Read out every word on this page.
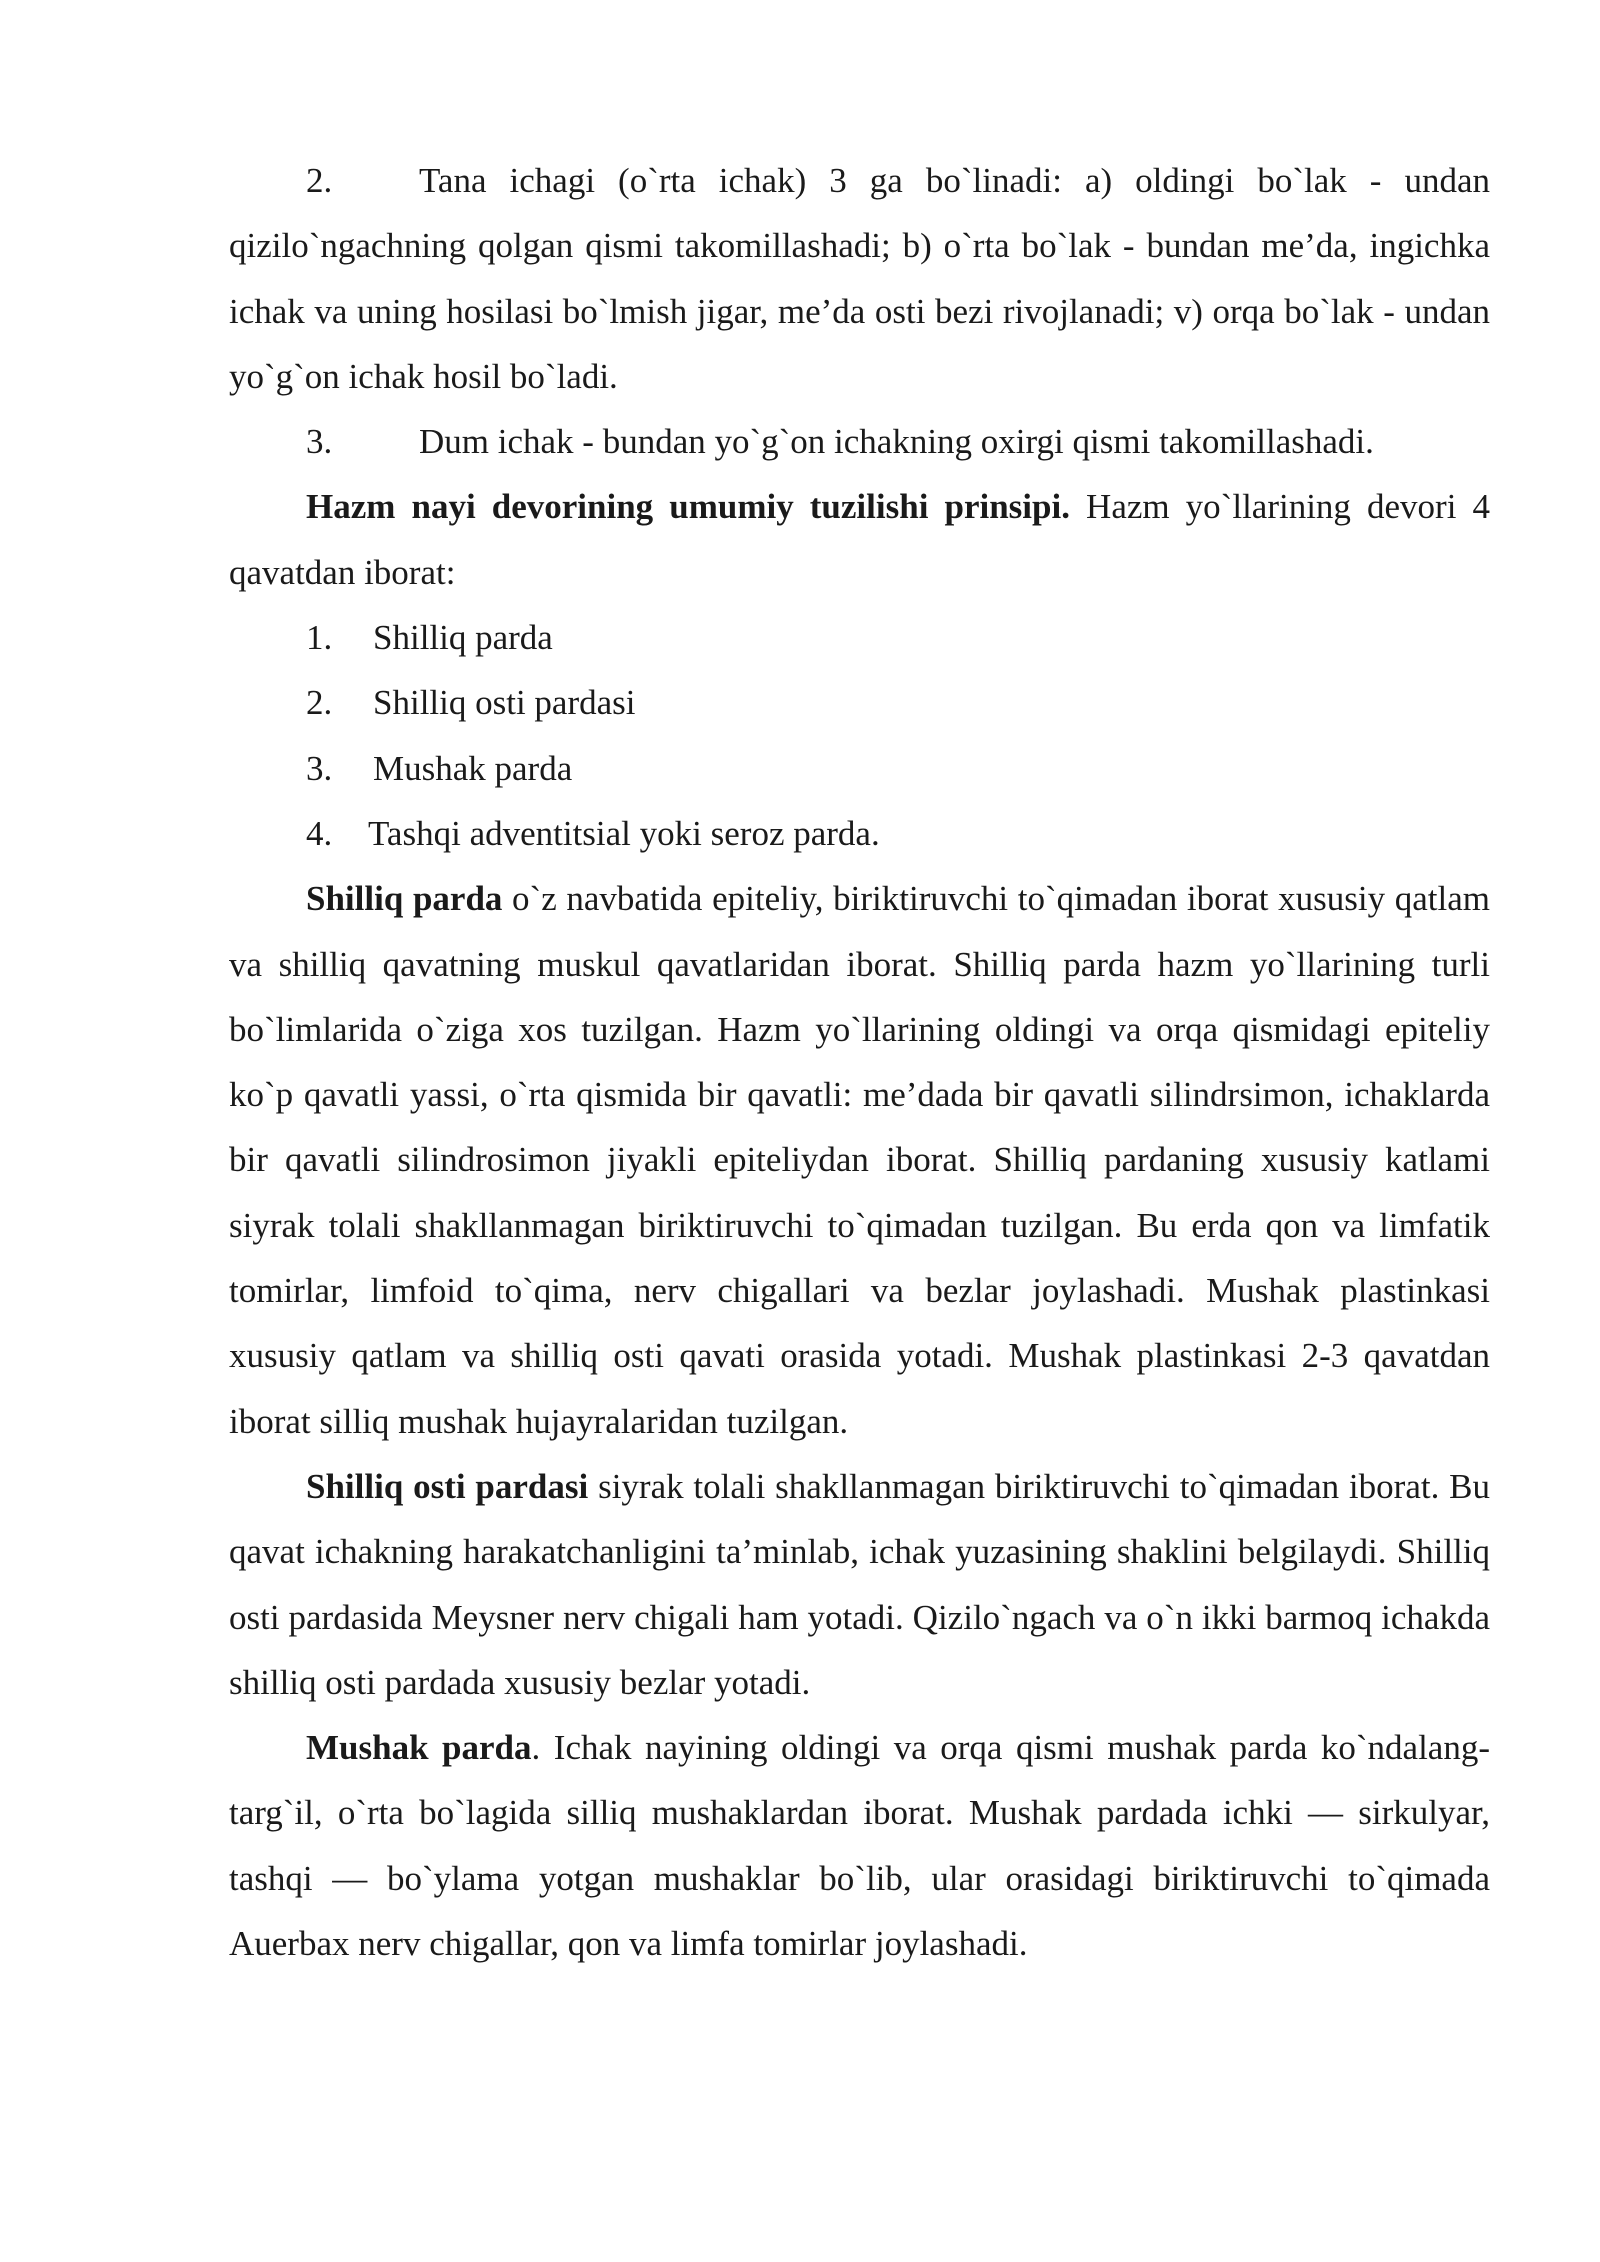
2. Tana ichagi (o`rta ichak) 3 ga bo`linadi: a) oldingi bo`lak - undan qizilo`ngachning qolgan qismi takomillashadi; b) o`rta bo`lak - bundan me’da, ingichka ichak va uning hosilasi bo`lmish jigar, me’da osti bezi rivojlanadi; v) orqa bo`lak - undan yo`g`on ichak hosil bo`ladi.

3. Dum ichak - bundan yo`g`on ichakning oxirgi qismi takomillashadi.

Hazm nayi devorining umumiy tuzilishi prinsipi. Hazm yo`llarining devori 4 qavatdan iborat:

1. Shilliq parda
2. Shilliq osti pardasi
3. Mushak parda
4. Tashqi adventitsial yoki seroz parda.

Shilliq parda o`z navbatida epiteliy, biriktiruvchi to`qimadan iborat xususiy qatlam va shilliq qavatning muskul qavatlaridan iborat. Shilliq parda hazm yo`llarining turli bo`limlarida o`ziga xos tuzilgan. Hazm yo`llarining oldingi va orqa qismidagi epiteliy ko`p qavatli yassi, o`rta qismida bir qavatli: me’dada bir qavatli silindrsimon, ichaklarda bir qavatli silindrosimon jiyakli epiteliydan iborat. Shilliq pardaning xususiy katlami siyrak tolali shakllanmagan biriktiruvchi to`qimadan tuzilgan. Bu erda qon va limfatik tomirlar, limfoid to`qima, nerv chigallari va bezlar joylashadi. Mushak plastinkasi xususiy qatlam va shilliq osti qavati orasida yotadi. Mushak plastinkasi 2-3 qavatdan iborat silliq mushak hujayralaridan tuzilgan.

Shilliq osti pardasi siyrak tolali shakllanmagan biriktiruvchi to`qimadan iborat. Bu qavat ichakning harakatchanligini ta’minlab, ichak yuzasining shaklini belgilaydi. Shilliq osti pardasida Meysner nerv chigali ham yotadi. Qizilo`ngach va o`n ikki barmoq ichakda shilliq osti pardada xususiy bezlar yotadi.

Mushak parda. Ichak nayining oldingi va orqa qismi mushak parda ko`ndalang-targ`il, o`rta bo`lagida silliq mushaklardan iborat. Mushak pardada ichki — sirkulyar, tashqi — bo`ylama yotgan mushaklar bo`lib, ular orasidagi biriktiruvchi to`qimada Auerbax nerv chigallar, qon va limfa tomirlar joylashadi.
